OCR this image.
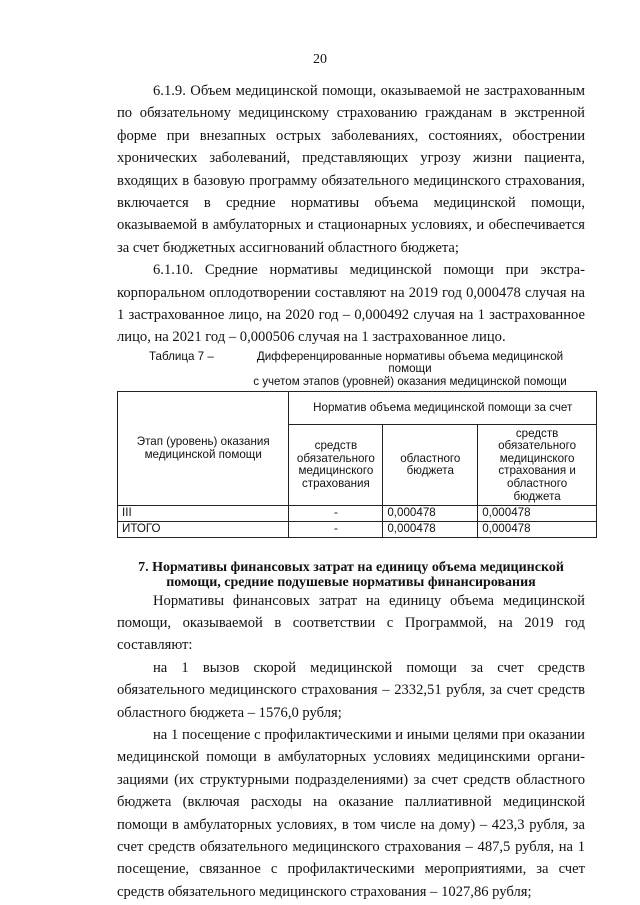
20

6.1.9. Объем медицинской помощи, оказываемой не застрахованным по обязательному медицинскому страхованию гражданам в экстренной форме при внезапных острых заболеваниях, состояниях, обострении хронических заболеваний, представляющих угрозу жизни пациента, входящих в базовую программу обязательного медицинского страхования, включается в средние нормативы объема медицинской помощи, оказываемой в амбулаторных и стационарных условиях, и обеспечивается за счет бюджетных ассигнований областного бюджета;

6.1.10. Средние нормативы медицинской помощи при экстракорпоральном оплодотворении составляют на 2019 год 0,000478 случая на 1 застрахованное лицо, на 2020 год – 0,000492 случая на 1 застрахованное лицо, на 2021 год – 0,000506 случая на 1 застрахованное лицо.

Таблица 7 –	Дифференцированные нормативы объема медицинской помощи
с учетом этапов (уровней) оказания медицинской помощи
Этап (уровень) оказания медицинской помощи	Норматив объема медицинской помощи за счет		
	средств обязательного медицинского страхования	областного бюджета	средств обязательного медицинского страхования и областного бюджета
III	-	0,000478	0,000478
ИТОГО	-	0,000478	0,000478
7. Нормативы финансовых затрат на единицу объема медицинской
помощи, средние подушевые нормативы финансирования

Нормативы финансовых затрат на единицу объема медицинской помощи, оказываемой в соответствии с Программой, на 2019 год составляют:

на 1 вызов скорой медицинской помощи за счет средств обязательного медицинского страхования – 2332,51 рубля, за счет средств областного бюджета – 1576,0 рубля;

на 1 посещение с профилактическими и иными целями при оказании медицинской помощи в амбулаторных условиях медицинскими организациями (их структурными подразделениями) за счет средств областного бюджета (включая расходы на оказание паллиативной медицинской помощи в амбулаторных условиях, в том числе на дому) – 423,3 рубля, за счет средств обязательного медицинского страхования – 487,5 рубля, на 1 посещение, связанное с профилактическими мероприятиями, за счет средств обязательного медицинского страхования – 1027,86 рубля;
